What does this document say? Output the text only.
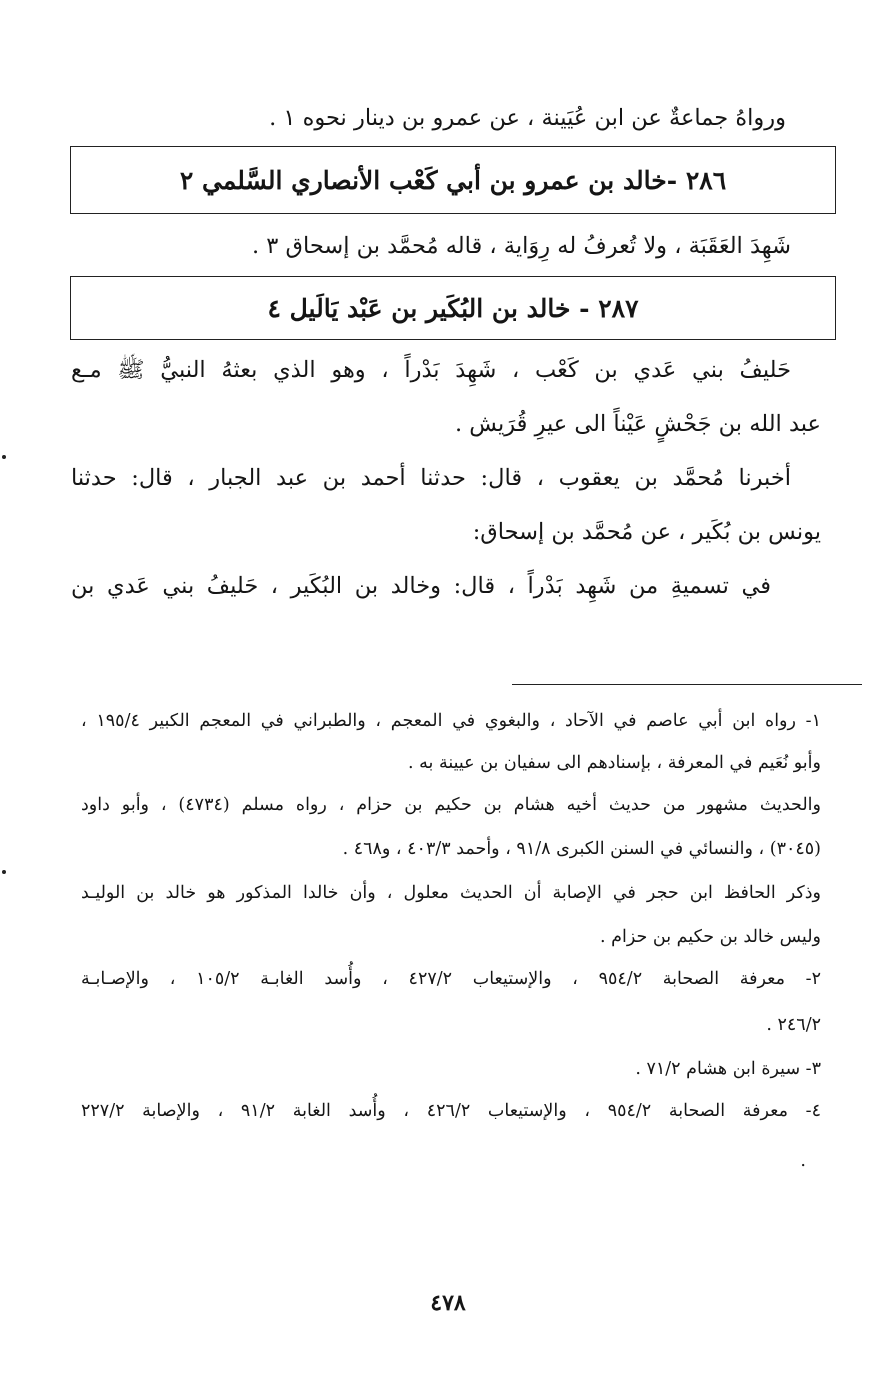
ورواهُ جماعةٌ عن ابن عُيَينة ، عن عمرو بن دينار نحوه ١ .
٢٨٦ -خالد بن عمرو بن أبي كَعْب الأنصاري السَّلمي ٢
شَهِدَ العَقَبَة ، ولا تُعرفُ له رِوَاية ، قاله مُحمَّد بن إسحاق ٣ .
٢٨٧ - خالد بن البُكَير بن عَبْد يَالَيل ٤
حَليفُ بني عَدي بن كَعْب ، شَهِدَ بَدْراً ، وهو الذي بعثهُ النبيُّ ﷺ مـع
عبد الله بن جَحْشٍ عَيْناً الى عيرِ قُرَيش .
أخبرنا مُحمَّد بن يعقوب ، قال: حدثنا أحمد بن عبد الجبار ، قال: حدثنا
يونس بن بُكَير ، عن مُحمَّد بن إسحاق:
في تسميةِ من شَهِد بَدْراً ، قال: وخالد بن البُكَير ، حَليفُ بني عَدي بن
١- رواه ابن أبي عاصم في الآحاد ، والبغوي في المعجم ، والطبراني في المعجم الكبير ١٩٥/٤ ،
وأبو نُعَيم في المعرفة ، بإسنادهم الى سفيان بن عيينة به .
والحديث مشهور من حديث أخيه هشام بن حكيم بن حزام ، رواه مسلم (٤٧٣٤) ، وأبو داود
(٣٠٤٥) ، والنسائي في السنن الكبرى ٩١/٨ ، وأحمد ٤٠٣/٣ ، و٤٦٨ .
وذكر الحافظ ابن حجر في الإصابة أن الحديث معلول ، وأن خالدا المذكور هو خالد بن الوليـد
وليس خالد بن حكيم بن حزام .
٢- معرفة الصحابة ٩٥٤/٢ ، والإستيعاب ٤٢٧/٢ ، وأُسد الغابـة ١٠٥/٢ ، والإصـابـة
٢٤٦/٢ .
٣- سيرة ابن هشام ٧١/٢ .
٤- معرفة الصحابة ٩٥٤/٢ ، والإستيعاب ٤٢٦/٢ ، وأُسد الغابة ٩١/٢ ، والإصابة ٢٢٧/٢
.
٤٧٨
